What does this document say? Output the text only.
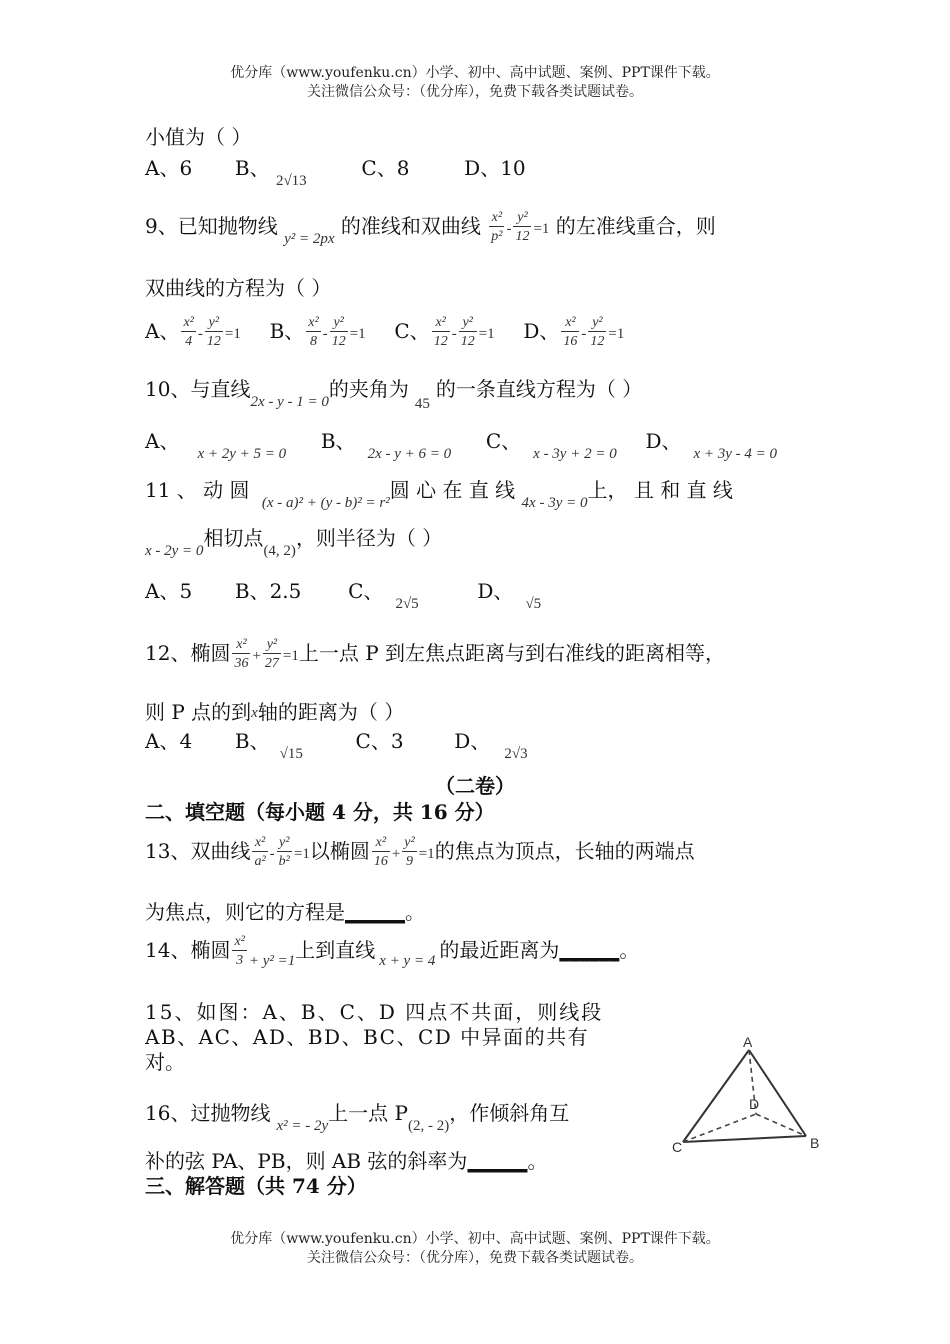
优分库（www.youfenku.cn）小学、初中、高中试题、案例、PPT课件下载。
关注微信公众号：（优分库），免费下载各类试题试卷。
小值为（ ）
A、6 B、 $_{2√13}$  C、8	D、10
9、已知抛物线 $_{y^2 = 2px}$ 的准线和双曲线 $\frac{\text{x²}}{\text{p²}} - \frac{\text{y²}}{12} =1$ 的左准线重合，则
双曲线的方程为（ ）
A、 $\frac{\text{x²}}{4} - \frac{\text{y²}}{12} =1$ B、 $\frac{\text{x²}}{8} - \frac{\text{y²}}{12} =1$ C、 $\frac{\text{x²}}{12} - \frac{\text{y²}}{12} =1$ D、 $\frac{\text{x²}}{16} - \frac{\text{y²}}{12} =1$
10、与直线$_{2x - y - 1 = 0}$的夹角为$_{45}$的一条直线方程为（ ）
A、$_{x + 2y + 5 = 0}$  B、$_{2x - y + 6 = 0}$  C、$_{x - 3y + 2 = 0}$  D、$_{x + 3y - 4 = 0}$
11 、 动 圆 $_{(x - a)^2 + (y - b)^2 = r^2}$圆 心 在 直 线 $_{4x - 3y = 0}$上， 且 和 直 线
$_{x - 2y = 0}$相切点$_{(4, 2)}$，则半径为（ ）
A、5 B、2.5 C、$_{2√5}$  D、$_{√5}$
12、椭圆 $\frac{\text{x²}}{36} + \frac{\text{y²}}{27} =1$上一点 P 到左焦点距离与到右准线的距离相等，
则 P 点的到x轴的距离为（ ）
A、4 B、$_{√15}$  C、3	D、$_{2√3}$
（二卷）
二、填空题（每小题 4 分，共 16 分）
13、双曲线 $\frac{\text{x²}}{\text{a²}} - \frac{\text{y²}}{\text{b²}} =1$以椭圆 $\frac{\text{x²}}{16} + \frac{\text{y²}}{9} =1$的焦点为顶点，长轴的两端点
为焦点，则它的方程是______。
14、椭圆 $\frac{\text{x²}}{3} _{+ y^2 =1}$上到直线 $_{x + y = 4}$ 的最近距离为______。
15、如图：A、B、C、D 四点不共面，则线段
AB、AC、AD、BD、BC、CD 中异面的共有
对。
A
D
C	B
16、过抛物线$_{x^2 = - 2y}$上一点 $P_{(2, - 2)}$，作倾斜角互
补的弦 PA、PB，则 AB 弦的斜率为______。
三、解答题（共 74 分）
优分库（www.youfenku.cn）小学、初中、高中试题、案例、PPT课件下载。
关注微信公众号：（优分库），免费下载各类试题试卷。
